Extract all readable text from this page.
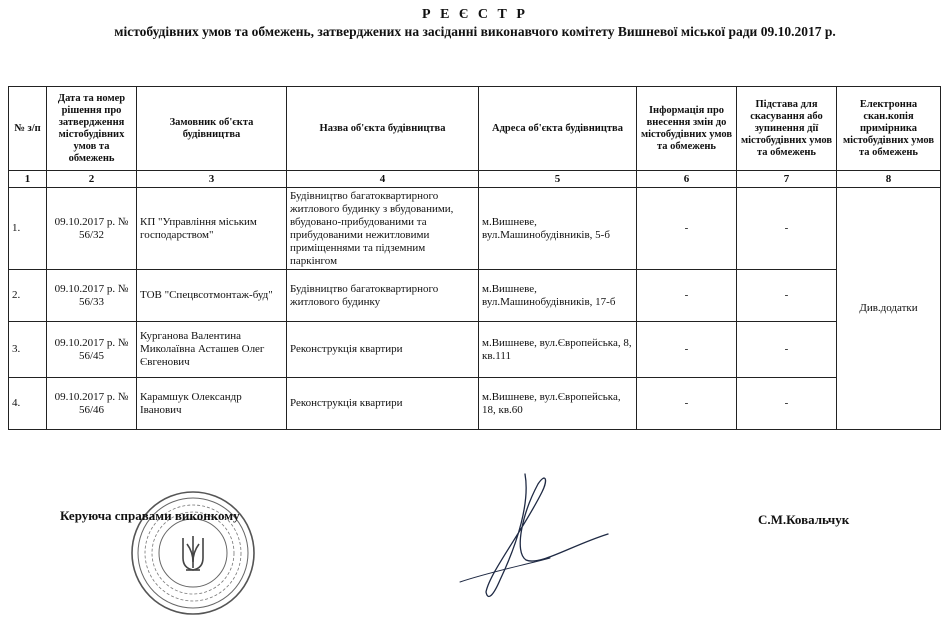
Р Е Є С Т Р
містобудівних умов та обмежень, затверджених на засіданні виконавчого комітету Вишневої міської ради 09.10.2017 р.
№ з/п	Дата та номер рішення про затвердження містобудівних умов та обмежень	Замовник об'єкта будівництва	Назва об'єкта будівництва	Адреса об'єкта будівництва	Інформація про внесення змін до містобудівних умов та обмежень	Підстава для скасування або зупинення дії містобудівних умов та обмежень	Електронна скан.копія примірника містобудівних умов та обмежень
1	2	3	4	5	6	7	8
1.	09.10.2017 р. № 56/32	КП "Управління міським господарством"	Будівництво багатоквартирного житлового будинку з вбудованими, вбудовано-прибудованими та прибудованими нежитловими приміщеннями та підземним паркінгом	м.Вишневе, вул.Машинобудівників, 5-б	-	-	Див.додатки
2.	09.10.2017 р. № 56/33	ТОВ "Спецвсотмонтаж-буд"	Будівництво багатоквартирного житлового будинку	м.Вишневе, вул.Машинобудівників, 17-б	-	-	
3.	09.10.2017 р. № 56/45	Курганова Валентина Миколаївна Асташев Олег Євгенович	Реконструкція квартири	м.Вишневе, вул.Європейська, 8, кв.111	-	-	
4.	09.10.2017 р. № 56/46	Карамшук Олександр Іванович	Реконструкція квартири	м.Вишневе, вул.Європейська, 18, кв.60	-	-	
Керуюча справами виконкому	С.М.Ковальчук
